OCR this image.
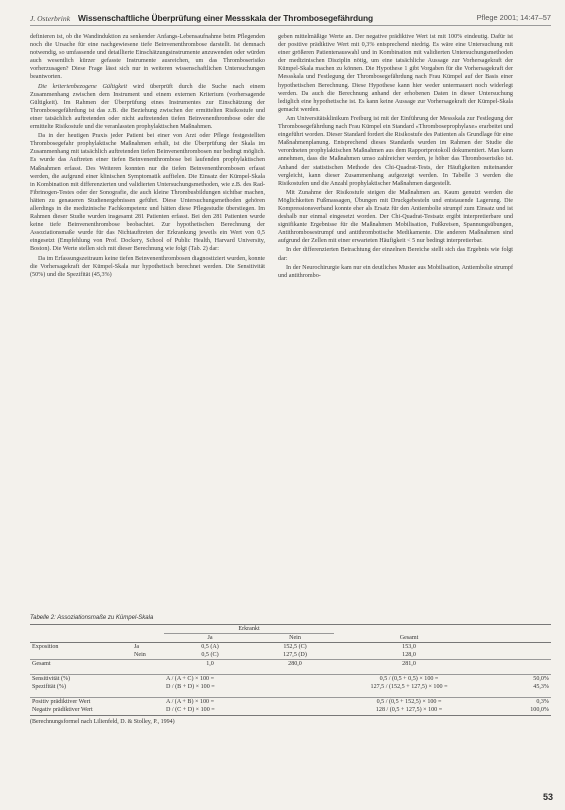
J. Osterbrink Wissenschaftliche Überprüfung einer Messskala der Thrombosegefährdung	Pflege 2001; 14:47–57

definieren ist, ob die Wandinduktion zu senkender Anfangs-Lebensaufnahme beim Pflegenden noch die Ursache für eine nachgewiesene tiefe Beinvenenthrombose darstellt. Ist demnach notwendig, so umfassende und detaillierte Einschätzungsinstrumente anzuwenden oder würden auch wesentlich kürzer gefasste Instrumente ausreichen, um das Thromboserisiko vorherzusagen? Diese Frage lässt sich nur in weiteren wissenschaftlichen Untersuchungen beantworten.

Die kriterienbezogene Gültigkeit wird überprüft durch die Suche nach einem Zusammenhang zwischen dem Instrument und einem externen Kriterium (vorhersagende Gültigkeit). Im Rahmen der Überprüfung eines Instrumentes zur Einschätzung der Thrombosegefährdung ist das z.B. die Beziehung zwischen der ermittelten Risikostufe und einer tatsächlich auftretenden oder nicht auftretenden tiefen Beinvenenthrombose oder die ermittelte Risikostufe und die veranlassten prophylaktischen Maßnahmen.

Da in der heutigen Praxis jeder Patient bei einer von Arzt oder Pflege festgestellten Thrombosegefahr prophylaktische Maßnahmen erhält, ist die Überprüfung der Skala im Zusammenhang mit tatsächlich auftretenden tiefen Beinvenenthrombosen nur bedingt möglich. Es wurde das Auftreten einer tiefen Beinvenenthrombose bei laufenden prophylaktischen Maßnahmen erfasst. Des Weiteren konnten nur die tiefen Beinvenenthrombosen erfasst werden, die aufgrund einer klinischen Symptomatik auffielen. Die Einsatz der Kümpel-Skala in Kombination mit differenzierten und validierten Untersuchungsmethoden, wie z.B. des Rad-Fibrinogen-Testes oder der Sonografie, die auch kleine Thrombusbildungen sichtbar machen, hätten zu genaueren Studienergebnissen geführt. Diese Untersuchungsmethoden gehören allerdings in die medizinische Fachkompetenz und hätten diese Pflegestudie überstiegen. Im Rahmen dieser Studie wurden insgesamt 281 Patienten erfasst. Bei den 281 Patienten wurde keine tiefe Beinvenenthrombose beobachtet. Zur hypothetischen Berechnung der Assoziationsmaße wurde für das Nichtauftreten der Erkrankung jeweils ein Wert von 0,5 eingesetzt (Empfehlung von Prof. Dockery, School of Public Health, Harvard University, Boston). Die Werte stellen sich mit dieser Berechnung wie folgt (Tab. 2) dar:

Da im Erfassungszeitraum keine tiefen Beinvenenthrombosen diagnostiziert wurden, konnte die Vorhersagekraft der Kümpel-Skala nur hypothetisch berechnet werden. Die Sensitivität (50%) und die Spezifität (45,3%)

geben mittelmäßige Werte an. Der negative prädiktive Wert ist mit 100% eindeutig. Dafür ist der positive prädiktive Wert mit 0,3% entsprechend niedrig. Es wäre eine Untersuchung mit einer größeren Patientenauswahl und in Kombination mit validierten Untersuchungsmethoden der medizinischen Disziplin nötig, um eine tatsächliche Aussage zur Vorhersagekraft der Kümpel-Skala machen zu können. Die Hypothese 1 gibt Vorgaben für die Vorhersagekraft der Messskala und Festlegung der Thrombosegefährdung nach Frau Kümpel auf der Basis einer hypothetischen Berechnung. Diese Hypothese kann hier weder untermauert noch widerlegt werden. Da auch die Berechnung anhand der erhobenen Daten in dieser Untersuchung lediglich eine hypothetische ist. Es kann keine Aussage zur Vorhersagekraft der Kümpel-Skala gemacht werden.

Am Universitätsklinikum Freiburg ist mit der Einführung der Messskala zur Festlegung der Thrombosegefährdung nach Frau Kümpel ein Standard «Thromboseprophylaxe» erarbeitet und eingeführt worden. Dieser Standard fordert die Risikostufe des Patienten als Grundlage für eine Maßnahmenplanung. Entsprechend dieses Standards wurden im Rahmen der Studie die verordneten prophylaktischen Maßnahmen aus dem Rapportprotokoll dokumentiert. Man kann annehmen, dass die Maßnahmen umso zahlreicher werden, je höher das Thromboserisiko ist. Anhand der statistischen Methode des Chi-Quadrat-Tests, der Häufigkeiten miteinander vergleicht, kann dieser Zusammenhang aufgezeigt werden. In Tabelle 3 werden die Risikostufen und die Anzahl prophylaktischer Maßnahmen dargestellt.

Mit Zunahme der Risikostufe steigen die Maßnahmen an. Kaum genutzt werden die Möglichkeiten Fußmassagen, Übungen mit Druckgebesteln und entstauende Lagerung. Die Kompressionsverband konnte eher als Ersatz für den Antiembolie strumpf zum Einsatz und ist deshalb nur einmal eingesetzt worden. Der Chi-Quadrat-Testsatz ergibt interpretierbare und signifikante Ergebnisse für die Maßnahmen Mobilisation, Fußkreisen, Spannungsübungen, Antithrombosestrumpf und antithrombotische Medikamente. Die anderen Maßnahmen sind aufgrund der Zellen mit einer erwarteten Häufigkeit < 5 nur bedingt interpretierbar.

In der differenzierten Betrachtung der einzelnen Bereiche stellt sich das Ergebnis wie folgt dar:

In der Neurochirurgie kam nur ein deutliches Muster aus Mobilisation, Antiembolie strumpf und antithrombo-

Tabelle 2: Assoziationsmaße zu Kümpel-Skala
		Erkrankt			
		Ja	Nein	Gesamt	
Exposition	Ja	0,5 (A)	152,5 (C)	153,0	
	Nein	0,5 (C)	127,5 (D)	128,0	
Gesamt		1,0	280,0	281,0	

Sensitivität (%)		A / (A + C) × 100 =		0,5 / (0,5 + 0,5) × 100 =	50,0%
Spezifität (%)		D / (B + D) × 100 =		127,5 / (152,5 + 127,5) × 100 =	45,3%

Positiv prädiktiver Wert		A / (A + B) × 100 =		0,5 / (0,5 + 152,5) × 100 =	0,3%
Negativ prädiktiver Wert		D / (C + D) × 100 =		128 / (0,5 + 127,5) × 100 =	100,0%
(Berechnungsformel nach Lilienfeld, D. & Stolley, P., 1994)
53
